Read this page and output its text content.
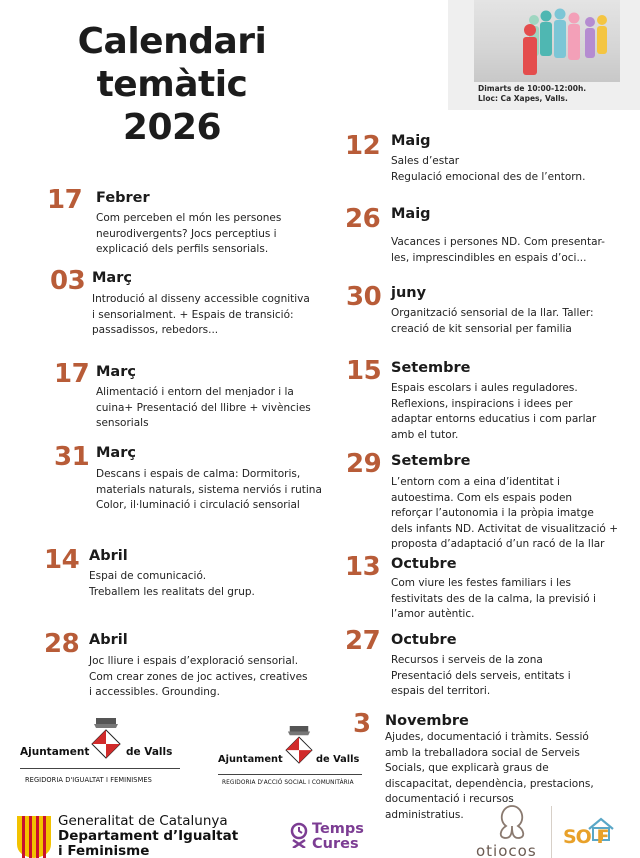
Calendari
temàtic
2026
Dimarts de 10:00-12:00h.
Lloc: Ca Xapes, Valls.
17 Febrer
Com perceben el món les persones
neurodivergents? Jocs perceptius i
explicació dels perfils sensorials.
03 Març
Introdució al disseny accessible cognitiva
i sensorialment. + Espais de transició:
passadissos, rebedors...
17 Març
Alimentació i entorn del menjador i la
cuina+ Presentació del llibre + vivències
sensorials
31 Març
Descans i espais de calma: Dormitoris,
materials naturals, sistema nerviós i rutina
Color, il·luminació i circulació sensorial
14 Abril
Espai de comunicació.
Treballem les realitats del grup.
28 Abril
Joc lliure i espais d’exploració sensorial.
Com crear zones de joc actives, creatives
i accessibles. Grounding.
12 Maig
Sales d’estar
Regulació emocional des de l’entorn.
26 Maig
Vacances i persones ND. Com presentar-
les, imprescindibles en espais d’oci...
30 juny
Organització sensorial de la llar. Taller:
creació de kit sensorial per familia
15 Setembre
Espais escolars i aules reguladores.
Reflexions, inspiracions i idees per
adaptar entorns educatius i com parlar
amb el tutor.
29 Setembre
L’entorn com a eina d’identitat i
autoestima. Com els espais poden
reforçar l’autonomia i la pròpia imatge
dels infants ND. Activitat de visualització +
proposta d’adaptació d’un racó de la llar
13 Octubre
Com viure les festes familiars i les
festivitats des de la calma, la previsió i
l’amor autèntic.
27 Octubre
Recursos i serveis de la zona
Presentació dels serveis, entitats i
espais del territori.
3 Novembre
Ajudes, documentació i tràmits. Sessió
amb la treballadora social de Serveis
Socials, que explicarà graus de
discapacitat, dependència, prestacions,
documentació i recursos
administratius.
Ajuntament	de Valls
REGIDORIA D'IGUALTAT I FEMINISMES
Ajuntament	de Valls
REGIDORIA D'ACCIÓ SOCIAL I COMUNITÀRIA
Generalitat de Catalunya
Departament d’Igualtat
i Feminisme
Temps
Cures	otiocos
SO F
